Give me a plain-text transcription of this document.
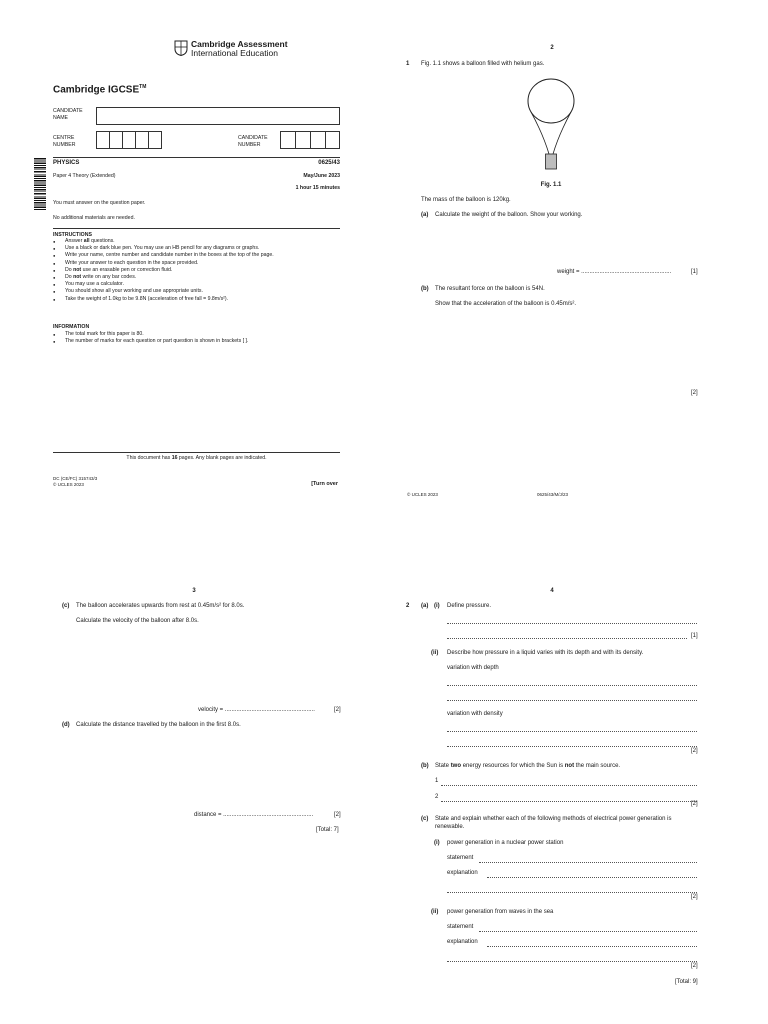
Cambridge Assessment
International Education
Cambridge IGCSE™
CANDIDATE
NAME
CENTRE
NUMBER
CANDIDATE
NUMBER
PHYSICS	0625/43
Paper 4 Theory (Extended)	May/June 2023
1 hour 15 minutes
You must answer on the question paper.
No additional materials are needed.
INSTRUCTIONS
● Answer all questions.
● Use a black or dark blue pen. You may use an HB pencil for any diagrams or graphs.
● Write your name, centre number and candidate number in the boxes at the top of the page.
● Write your answer to each question in the space provided.
● Do not use an erasable pen or correction fluid.
● Do not write on any bar codes.
● You may use a calculator.
● You should show all your working and use appropriate units.
● Take the weight of 1.0kg to be 9.8N (acceleration of free fall = 9.8m/s²).
INFORMATION
● The total mark for this paper is 80.
● The number of marks for each question or part question is shown in brackets [ ].
This document has 16 pages. Any blank pages are indicated.
DC (CE/FC) 315743/3
© UCLES 2023	[Turn over
2
1 Fig. 1.1 shows a balloon filled with helium gas.
Fig. 1.1
The mass of the balloon is 120kg.
(a) Calculate the weight of the balloon. Show your working.
weight = ......................................................	[1]
(b) The resultant force on the balloon is 54N.
Show that the acceleration of the balloon is 0.45m/s².
[2]
© UCLES 2023	0625/43/M/J/23
3
(c) The balloon accelerates upwards from rest at 0.45m/s² for 8.0s.
Calculate the velocity of the balloon after 8.0s.
velocity = ......................................................	[2]
(d) Calculate the distance travelled by the balloon in the first 8.0s.
distance = ......................................................	[2]
[Total: 7]
4
2 (a) (i) Define pressure.
[1]
(ii) Describe how pressure in a liquid varies with its depth and with its density.
variation with depth
variation with density
[2]
(b) State two energy resources for which the Sun is not the main source.
1
2
[2]
(c) State and explain whether each of the following methods of electrical power generation is
renewable.
(i) power generation in a nuclear power station
statement
explanation
[2]
(ii) power generation from waves in the sea
statement
explanation
[2]
[Total: 9]
